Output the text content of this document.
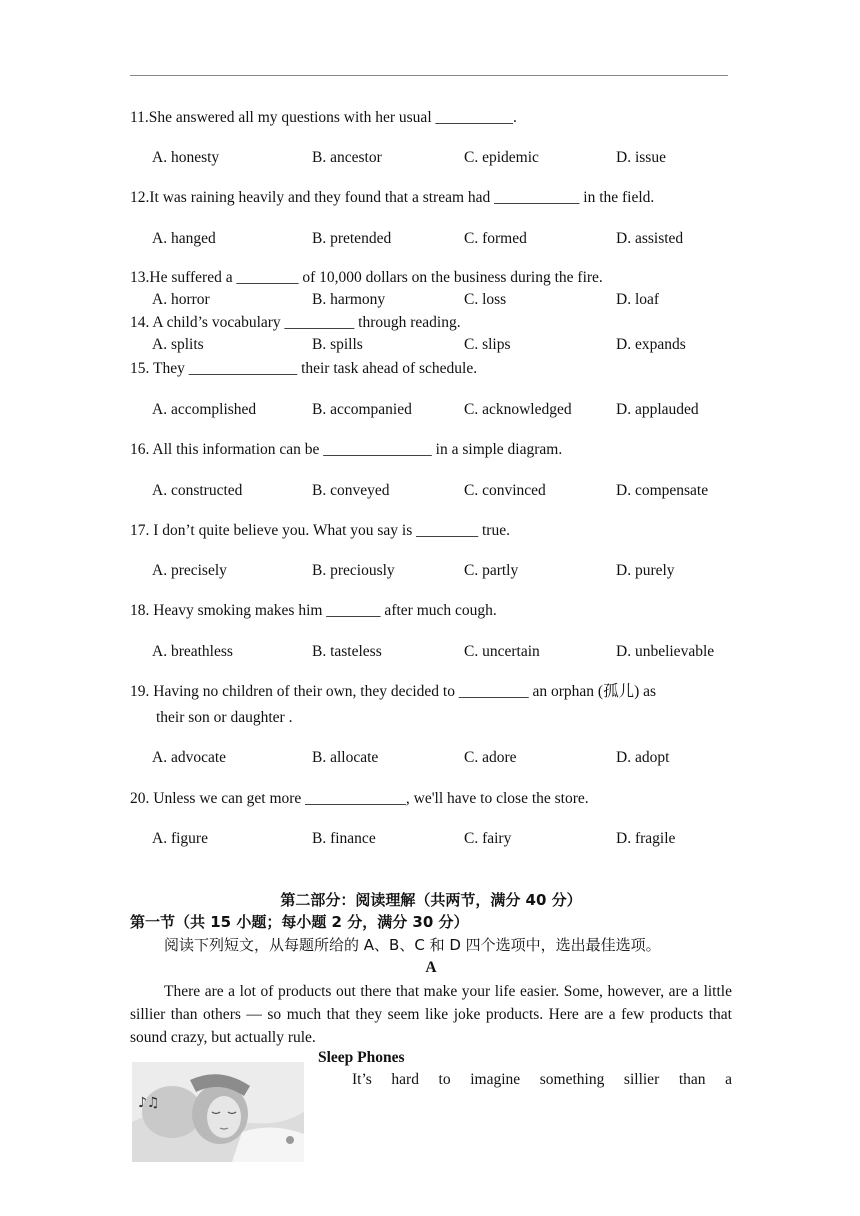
11.She answered all my questions with her usual __________.
A. honesty	B. ancestor	C. epidemic	D. issue
12.It was raining heavily and they found that a stream had ___________ in the field.
A. hanged	B. pretended	C. formed	D. assisted
13.He suffered a ________ of 10,000 dollars on the business during the fire.
A. horror	B. harmony	C. loss	D. loaf
14. A child’s vocabulary _________ through reading.
A. splits	B. spills	C. slips	D. expands
15. They ______________ their task ahead of schedule.
A. accomplished	B. accompanied	C. acknowledged	D. applauded
16. All this information can be ______________ in a simple diagram.
A. constructed	B. conveyed	C. convinced	D. compensate
17. I don’t quite believe you. What you say is ________ true.
A. precisely	B. preciously	C. partly	D. purely
18. Heavy smoking makes him _______ after much cough.
A. breathless	B. tasteless	C. uncertain	D. unbelievable
19. Having no children of their own, they decided to _________ an orphan (孤儿) as
their son or daughter .
A. advocate	B. allocate	C. adore	D. adopt
20. Unless we can get more _____________, we'll have to close the store.
A. figure	B. finance	C. fairy	D. fragile
第二部分：阅读理解（共两节，满分 40 分）
第一节（共 15 小题；每小题 2 分，满分 30 分）
阅读下列短文，从每题所给的 A、B、C 和 D 四个选项中，选出最佳选项。
A
There are a lot of products out there that make your life easier. Some, however, are a little sillier than others — so much that they seem like joke products. Here are a few products that sound crazy, but actually rule.
Sleep Phones
♪♫
It’s hard to imagine something sillier than a
